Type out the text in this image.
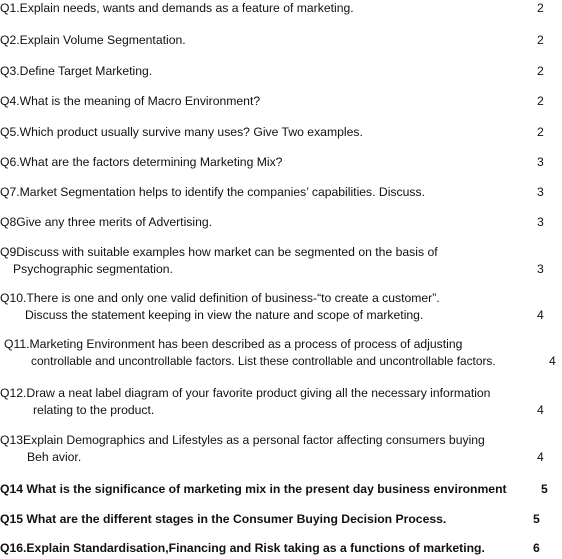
Q1.Explain needs, wants and demands as a feature of marketing.	2
Q2.Explain Volume Segmentation.	2
Q3.Define Target Marketing.	2
Q4.What is the meaning of Macro Environment?	2
Q5.Which product usually survive many uses? Give Two examples.	2
Q6.What are the factors determining Marketing Mix?	3
Q7.Market Segmentation helps to identify the companies’ capabilities. Discuss.	3
Q8Give any three merits of Advertising.	3
Q9Discuss with suitable examples how market can be segmented on the basis of
Psychographic segmentation.	3
Q10.There is one and only one valid definition of business-“to create a customer”.
Discuss the statement keeping in view the nature and scope of marketing.	4
Q11.Marketing Environment has been described as a process of process of adjusting
controllable and uncontrollable factors. List these controllable and uncontrollable factors.	4
Q12.Draw a neat label diagram of your favorite product giving all the necessary information
relating to the product.	4
Q13Explain Demographics and Lifestyles as a personal factor affecting consumers buying
Beh avior.	4
Q14 What is the significance of marketing mix in the present day business environment	5
Q15 What are the different stages in the Consumer Buying Decision Process.	5
Q16.Explain Standardisation,Financing and Risk taking as a functions of marketing.	6
